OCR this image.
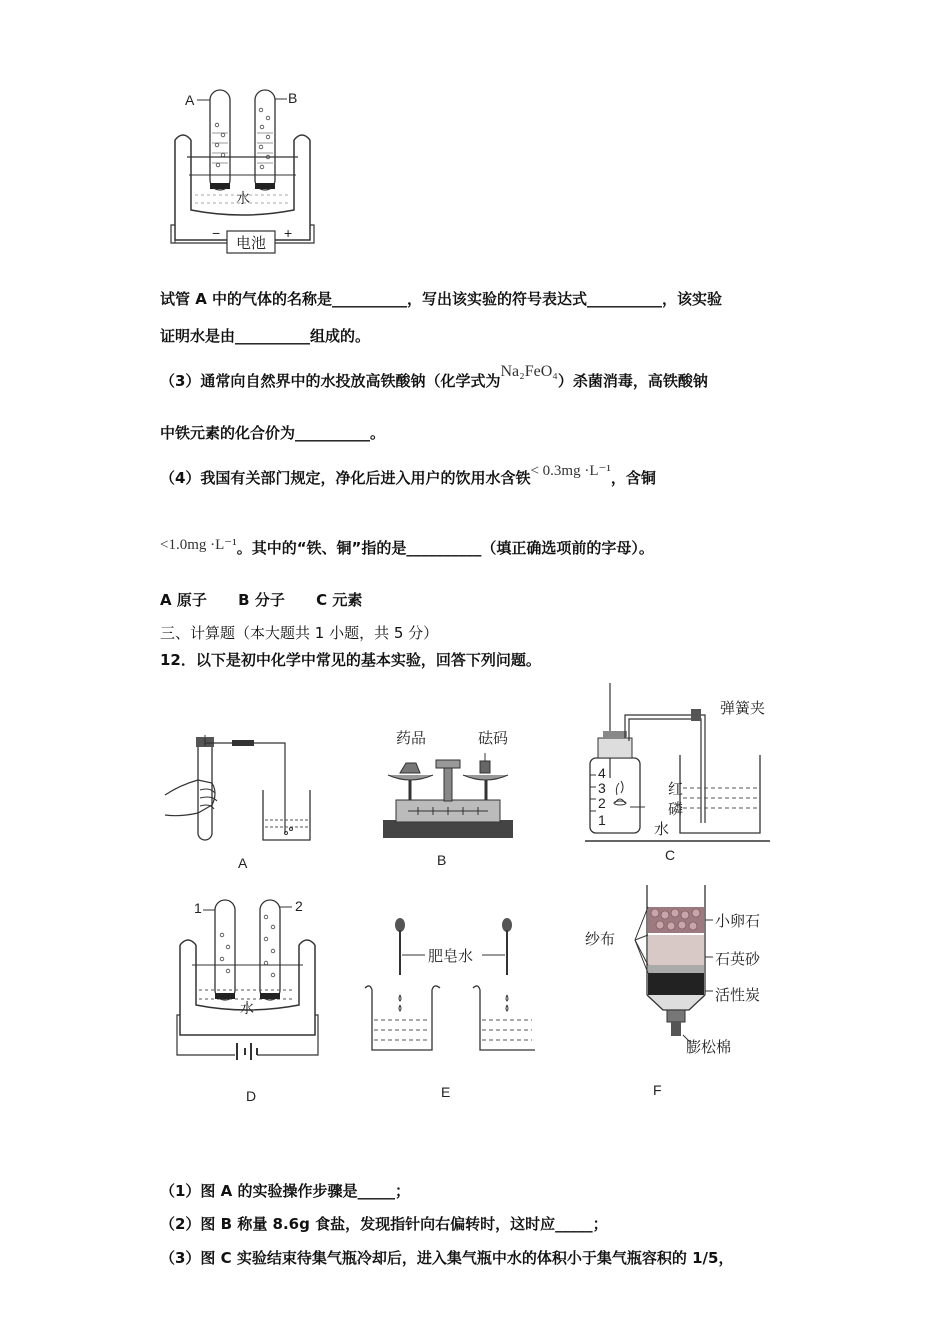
A	B
水
电池
−	+
试管 A 中的气体的名称是__________，写出该实验的符号表达式__________，该实验
证明水是由__________组成的。
（3）通常向自然界中的水投放高铁酸钠（化学式为Na₂FeO₄）杀菌消毒，高铁酸钠
中铁元素的化合价为__________。
（4）我国有关部门规定，净化后进入用户的饮用水含铁< 0.3mg ·L⁻¹，含铜
<1.0mg ·L⁻¹。其中的“铁、铜”指的是__________（填正确选项前的字母）。
A 原子      B 分子      C 元素
三、计算题（本大题共 1 小题，共 5 分）
12．以下是初中化学中常见的基本实验，回答下列问题。
A
药品	砝码
B
弹簧夹
4
3
2
1
红
磷
水
C
1	2
水
D
肥皂水
E
纱布
小卵石
石英砂
活性炭
膨松棉
F
（1）图 A 的实验操作步骤是_____；
（2）图 B 称量 8.6g 食盐，发现指针向右偏转时，这时应_____；
（3）图 C 实验结束待集气瓶冷却后，进入集气瓶中水的体积小于集气瓶容积的 1/5，
